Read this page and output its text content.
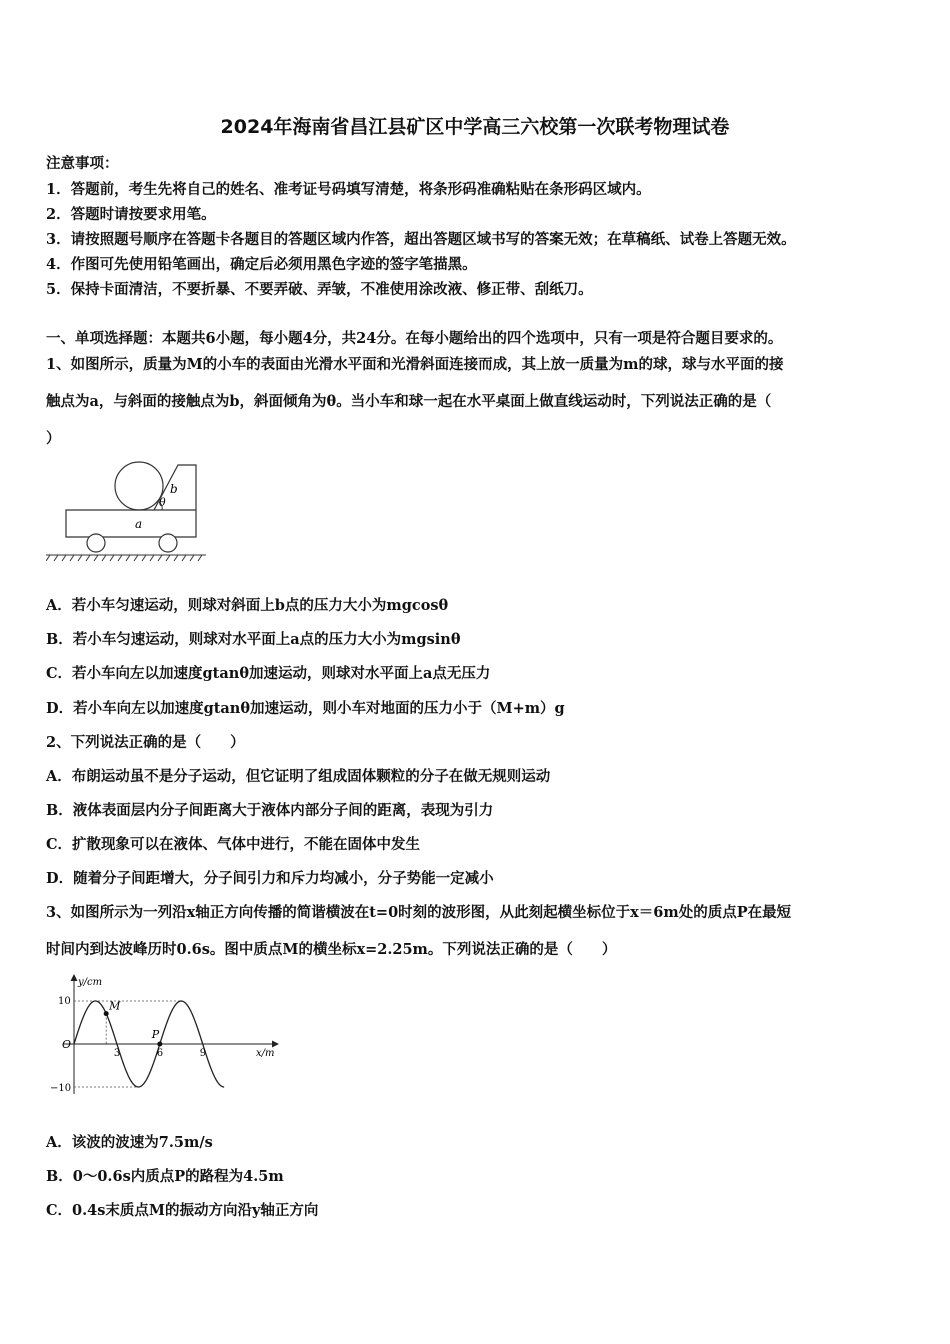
2024年海南省昌江县矿区中学高三六校第一次联考物理试卷
注意事项：
1．答题前，考生先将自己的姓名、准考证号码填写清楚，将条形码准确粘贴在条形码区域内。
2．答题时请按要求用笔。
3．请按照题号顺序在答题卡各题目的答题区域内作答，超出答题区域书写的答案无效；在草稿纸、试卷上答题无效。
4．作图可先使用铅笔画出，确定后必须用黑色字迹的签字笔描黑。
5．保持卡面清洁，不要折暴、不要弄破、弄皱，不准使用涂改液、修正带、刮纸刀。
一、单项选择题：本题共6小题，每小题4分，共24分。在每小题给出的四个选项中，只有一项是符合题目要求的。
1、如图所示，质量为M的小车的表面由光滑水平面和光滑斜面连接而成，其上放一质量为m的球，球与水平面的接
触点为a，与斜面的接触点为b，斜面倾角为θ。当小车和球一起在水平桌面上做直线运动时，下列说法正确的是（
）
b
θ
a
A．若小车匀速运动，则球对斜面上b点的压力大小为mgcosθ
B．若小车匀速运动，则球对水平面上a点的压力大小为mgsinθ
C．若小车向左以加速度gtanθ加速运动，则球对水平面上a点无压力
D．若小车向左以加速度gtanθ加速运动，则小车对地面的压力小于（M+m）g
2、下列说法正确的是（　　）
A．布朗运动虽不是分子运动，但它证明了组成固体颗粒的分子在做无规则运动
B．液体表面层内分子间距离大于液体内部分子间的距离，表现为引力
C．扩散现象可以在液体、气体中进行，不能在固体中发生
D．随着分子间距增大，分子间引力和斥力均减小，分子势能一定减小
3、如图所示为一列沿x轴正方向传播的简谐横波在t=0时刻的波形图，从此刻起横坐标位于x＝6m处的质点P在最短
时间内到达波峰历时0.6s。图中质点M的横坐标x=2.25m。下列说法正确的是（　　）
y/cm
x/m
O
10
−10
3	6	9
M
P
A．该波的波速为7.5m/s
B．0～0.6s内质点P的路程为4.5m
C．0.4s末质点M的振动方向沿y轴正方向
